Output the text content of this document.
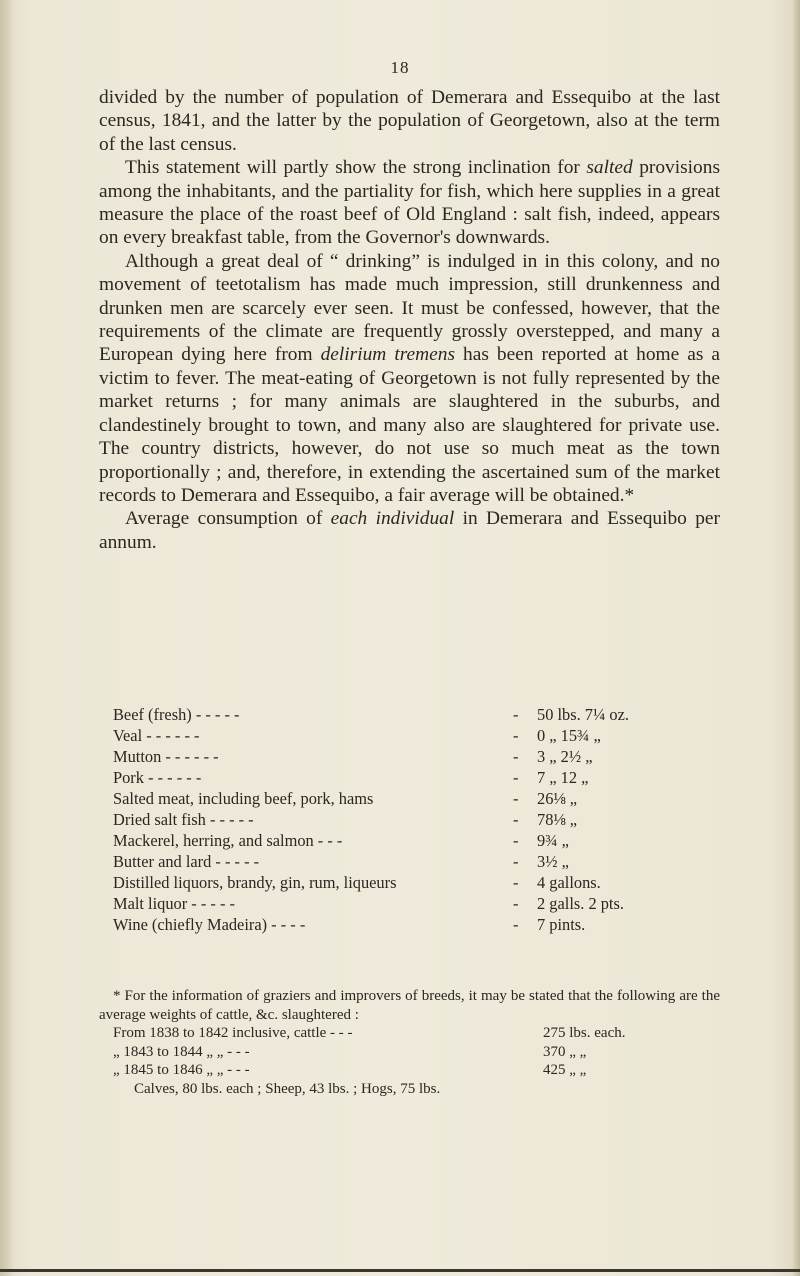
18

divided by the number of population of Demerara and Essequibo at the last census, 1841, and the latter by the population of Georgetown, also at the term of the last census.

This statement will partly show the strong inclination for salted provisions among the inhabitants, and the partiality for fish, which here supplies in a great measure the place of the roast beef of Old England : salt fish, indeed, appears on every breakfast table, from the Governor's downwards.

Although a great deal of “ drinking” is indulged in in this colony, and no movement of teetotalism has made much impression, still drunkenness and drunken men are scarcely ever seen. It must be confessed, however, that the requirements of the climate are frequently grossly overstepped, and many a European dying here from delirium tremens has been reported at home as a victim to fever. The meat-eating of Georgetown is not fully represented by the market returns ; for many animals are slaughtered in the suburbs, and clandestinely brought to town, and many also are slaughtered for private use. The country districts, however, do not use so much meat as the town proportionally ; and, therefore, in extending the ascertained sum of the market records to Demerara and Essequibo, a fair average will be obtained.*

Average consumption of each individual in Demerara and Essequibo per annum.

Beef (fresh) - - - - -	-	50 lbs. 7¼ oz.
Veal - - - - - -	-	0 „ 15¾ „
Mutton - - - - - -	-	3 „ 2½ „
Pork - - - - - -	-	7 „ 12 „
Salted meat, including beef, pork, hams	-	26⅛ „
Dried salt fish - - - - -	-	78⅛ „
Mackerel, herring, and salmon - - -	-	9¾ „
Butter and lard - - - - -	-	3½ „
Distilled liquors, brandy, gin, rum, liqueurs	-	4 gallons.
Malt liquor - - - - -	-	2 galls. 2 pts.
Wine (chiefly Madeira) - - - -	-	7 pints.

* For the information of graziers and improvers of breeds, it may be stated that the following are the average weights of cattle, &c. slaughtered :

From 1838 to 1842 inclusive, cattle - - -	275 lbs. each.
„ 1843 to 1844 „ „ - - -	370 „ „
„ 1845 to 1846 „ „ - - -	425 „ „
Calves, 80 lbs. each ; Sheep, 43 lbs. ; Hogs, 75 lbs.
